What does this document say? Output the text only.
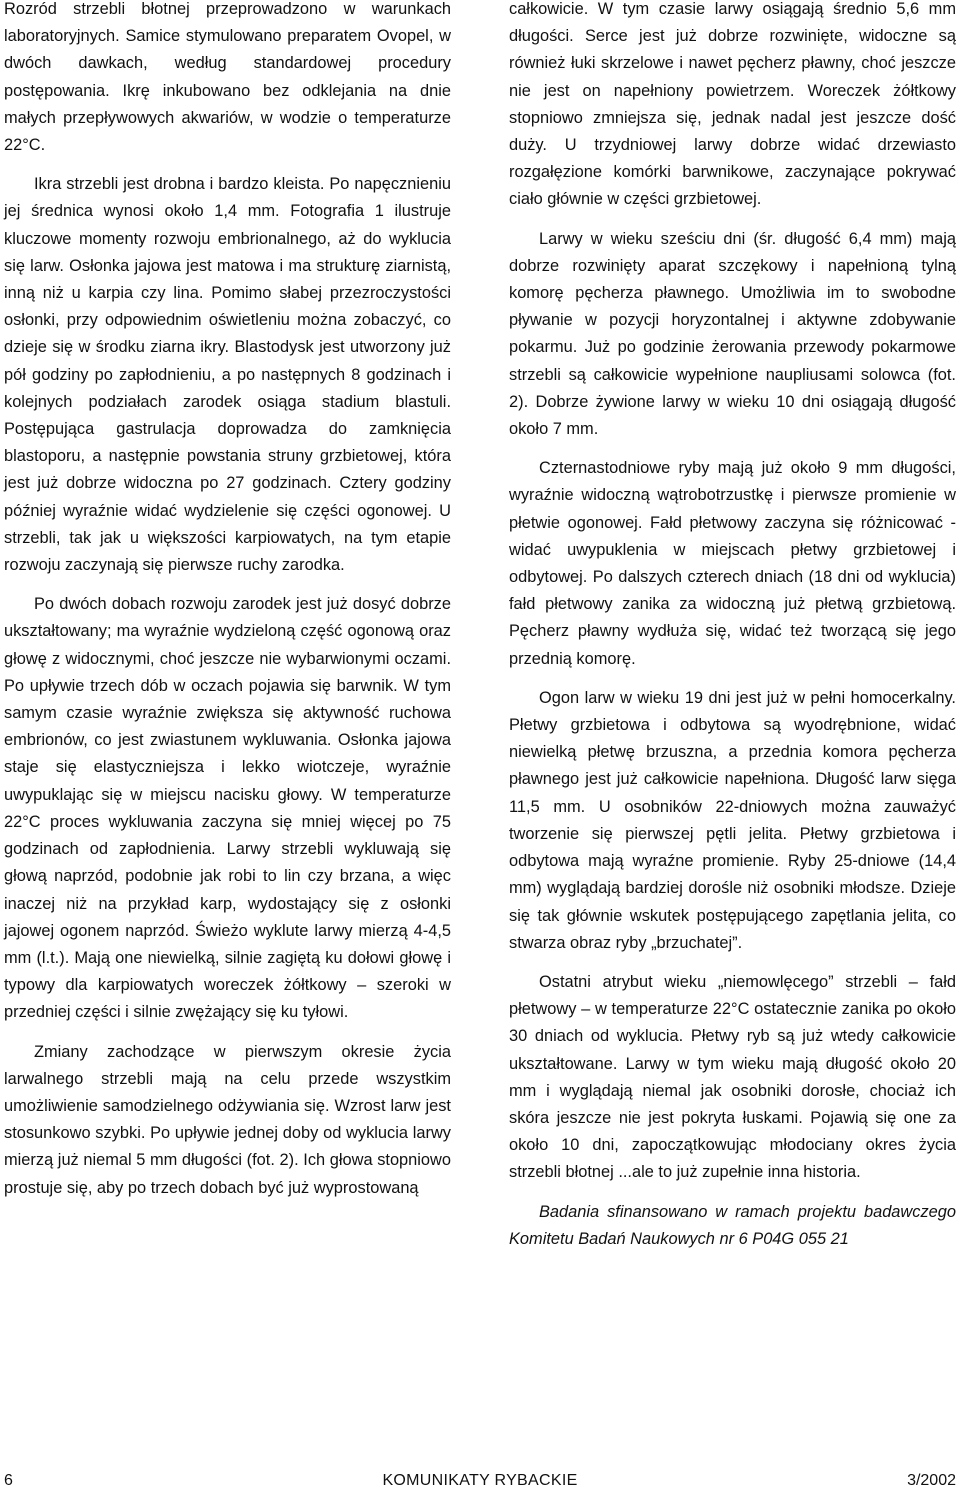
Rozród strzebli błotnej przeprowadzono w warunkach laboratoryjnych. Samice stymulowano preparatem Ovopel, w dwóch dawkach, według standardowej procedury postępowania. Ikrę inkubowano bez odklejania na dnie małych przepływowych akwariów, w wodzie o temperaturze 22°C.

Ikra strzebli jest drobna i bardzo kleista. Po napęcznieniu jej średnica wynosi około 1,4 mm. Fotografia 1 ilustruje kluczowe momenty rozwoju embrionalnego, aż do wyklucia się larw. Osłonka jajowa jest matowa i ma strukturę ziarnistą, inną niż u karpia czy lina. Pomimo słabej przezroczystości osłonki, przy odpowiednim oświetleniu można zobaczyć, co dzieje się w środku ziarna ikry. Blastodysk jest utworzony już pół godziny po zapłodnieniu, a po następnych 8 godzinach i kolejnych podziałach zarodek osiąga stadium blastuli. Postępująca gastrulacja doprowadza do zamknięcia blastoporu, a następnie powstania struny grzbietowej, która jest już dobrze widoczna po 27 godzinach. Cztery godziny później wyraźnie widać wydzielenie się części ogonowej. U strzebli, tak jak u większości karpiowatych, na tym etapie rozwoju zaczynają się pierwsze ruchy zarodka.

Po dwóch dobach rozwoju zarodek jest już dosyć dobrze ukształtowany; ma wyraźnie wydzieloną część ogonową oraz głowę z widocznymi, choć jeszcze nie wybarwionymi oczami. Po upływie trzech dób w oczach pojawia się barwnik. W tym samym czasie wyraźnie zwiększa się aktywność ruchowa embrionów, co jest zwiastunem wykluwania. Osłonka jajowa staje się elastyczniejsza i lekko wiotczeje, wyraźnie uwypuklając się w miejscu nacisku głowy. W temperaturze 22°C proces wykluwania zaczyna się mniej więcej po 75 godzinach od zapłodnienia. Larwy strzebli wykluwają się głową naprzód, podobnie jak robi to lin czy brzana, a więc inaczej niż na przykład karp, wydostający się z osłonki jajowej ogonem naprzód. Świeżo wyklute larwy mierzą 4-4,5 mm (l.t.). Mają one niewielką, silnie zagiętą ku dołowi głowę i typowy dla karpiowatych woreczek żółtkowy – szeroki w przedniej części i silnie zwężający się ku tyłowi.

Zmiany zachodzące w pierwszym okresie życia larwalnego strzebli mają na celu przede wszystkim umożliwienie samodzielnego odżywiania się. Wzrost larw jest stosunkowo szybki. Po upływie jednej doby od wyklucia larwy mierzą już niemal 5 mm długości (fot. 2). Ich głowa stopniowo prostuje się, aby po trzech dobach być już wyprostowaną

całkowicie. W tym czasie larwy osiągają średnio 5,6 mm długości. Serce jest już dobrze rozwinięte, widoczne są również łuki skrzelowe i nawet pęcherz pławny, choć jeszcze nie jest on napełniony powietrzem. Woreczek żółtkowy stopniowo zmniejsza się, jednak nadal jest jeszcze dość duży. U trzydniowej larwy dobrze widać drzewiasto rozgałęzione komórki barwnikowe, zaczynające pokrywać ciało głównie w części grzbietowej.

Larwy w wieku sześciu dni (śr. długość 6,4 mm) mają dobrze rozwinięty aparat szczękowy i napełnioną tylną komorę pęcherza pławnego. Umożliwia im to swobodne pływanie w pozycji horyzontalnej i aktywne zdobywanie pokarmu. Już po godzinie żerowania przewody pokarmowe strzebli są całkowicie wypełnione naupliusami solowca (fot. 2). Dobrze żywione larwy w wieku 10 dni osiągają długość około 7 mm.

Czternastodniowe ryby mają już około 9 mm długości, wyraźnie widoczną wątrobotrzustkę i pierwsze promienie w płetwie ogonowej. Fałd płetwowy zaczyna się różnicować - widać uwypuklenia w miejscach płetwy grzbietowej i odbytowej. Po dalszych czterech dniach (18 dni od wyklucia) fałd płetwowy zanika za widoczną już płetwą grzbietową. Pęcherz pławny wydłuża się, widać też tworzącą się jego przednią komorę.

Ogon larw w wieku 19 dni jest już w pełni homocerkalny. Płetwy grzbietowa i odbytowa są wyodrębnione, widać niewielką płetwę brzuszna, a przednia komora pęcherza pławnego jest już całkowicie napełniona. Długość larw sięga 11,5 mm. U osobników 22-dniowych można zauważyć tworzenie się pierwszej pętli jelita. Płetwy grzbietowa i odbytowa mają wyraźne promienie. Ryby 25-dniowe (14,4 mm) wyglądają bardziej doroślе niż osobniki młodsze. Dzieje się tak głównie wskutek postępującego zapętlania jelita, co stwarza obraz ryby „brzuchatej”.

Ostatni atrybut wieku „niemowlęcego” strzebli – fałd płetwowy – w temperaturze 22°C ostatecznie zanika po około 30 dniach od wyklucia. Płetwy ryb są już wtedy całkowicie ukształtowane. Larwy w tym wieku mają długość około 20 mm i wyglądają niemal jak osobniki dorosłe, chociaż ich skóra jeszcze nie jest pokryta łuskami. Pojawią się one za około 10 dni, zapoczątkowując młodociany okres życia strzebli błotnej ...ale to już zupełnie inna historia.

Badania sfinansowano w ramach projektu badawczego Komitetu Badań Naukowych nr 6 P04G 055 21

6	KOMUNIKATY RYBACKIE	3/2002
